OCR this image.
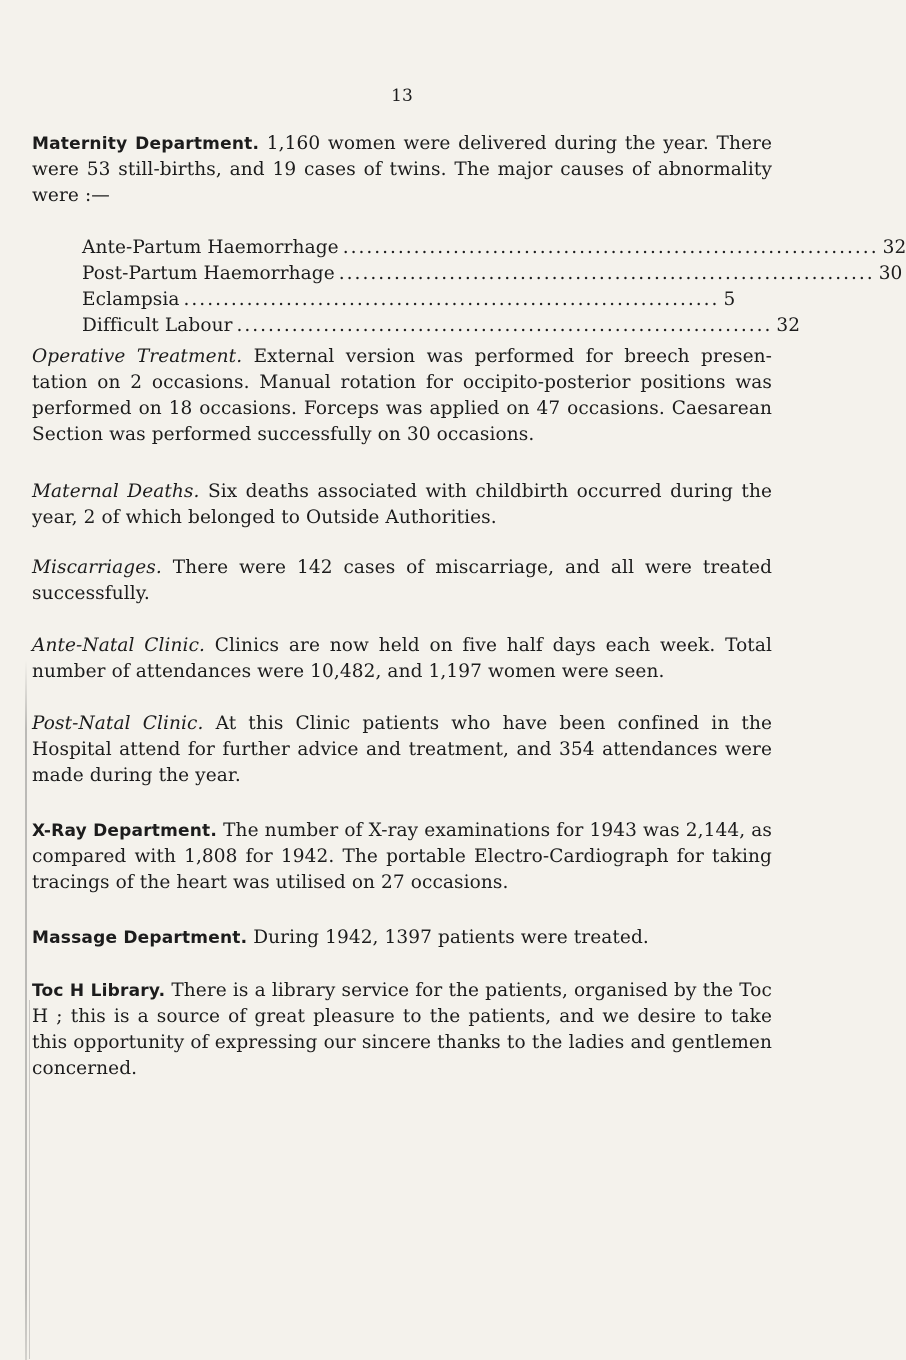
13

Maternity Department. 1,160 women were delivered during the year. There were 53 still-births, and 19 cases of twins. The major causes of abnormality were :—

Ante-Partum Haemorrhage .................................................................... 32
Post-Partum Haemorrhage .................................................................... 30
Eclampsia .................................................................... 5
Difficult Labour .................................................................... 32

Operative Treatment. External version was performed for breech presen-tation on 2 occasions. Manual rotation for occipito-posterior positions was performed on 18 occasions. Forceps was applied on 47 occasions. Caesarean Section was performed successfully on 30 occasions.

Maternal Deaths. Six deaths associated with childbirth occurred during the year, 2 of which belonged to Outside Authorities.

Miscarriages. There were 142 cases of miscarriage, and all were treated successfully.

Ante-Natal Clinic. Clinics are now held on five half days each week. Total number of attendances were 10,482, and 1,197 women were seen.

Post-Natal Clinic. At this Clinic patients who have been confined in the Hospital attend for further advice and treatment, and 354 attendances were made during the year.

X-Ray Department. The number of X-ray examinations for 1943 was 2,144, as compared with 1,808 for 1942. The portable Electro-Cardiograph for taking tracings of the heart was utilised on 27 occasions.

Massage Department. During 1942, 1397 patients were treated.

Toc H Library. There is a library service for the patients, organised by the Toc H ; this is a source of great pleasure to the patients, and we desire to take this opportunity of expressing our sincere thanks to the ladies and gentlemen concerned.
